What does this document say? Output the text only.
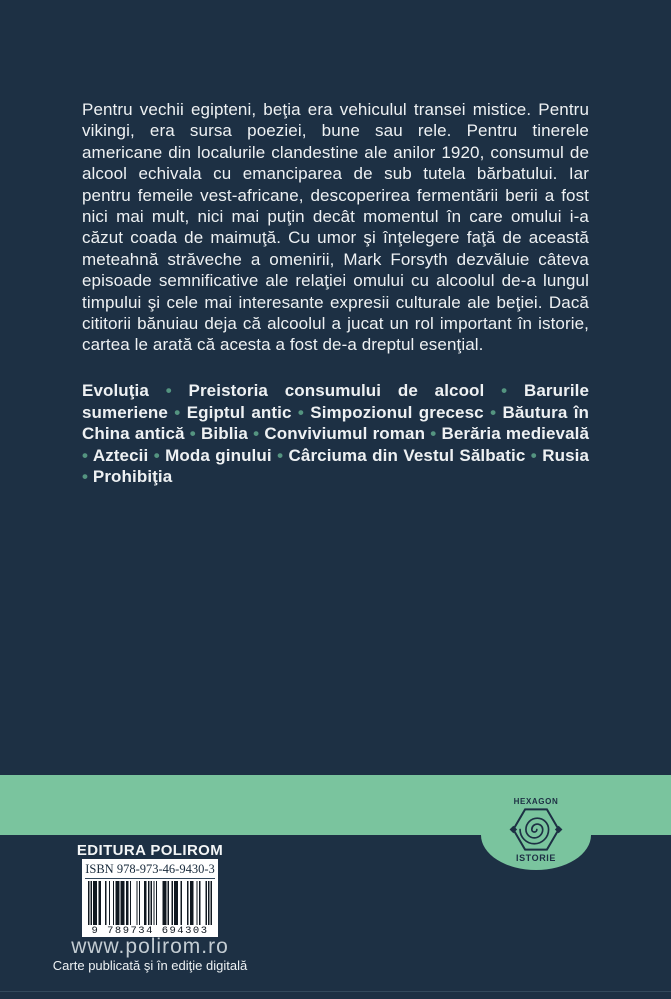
Pentru vechii egipteni, beţia era vehiculul transei mistice. Pentru vikingi, era sursa poeziei, bune sau rele. Pentru tinerele americane din localurile clandestine ale anilor 1920, consumul de alcool echivala cu emanciparea de sub tutela bărbatului. Iar pentru femeile vest-africane, descoperirea fermentării berii a fost nici mai mult, nici mai puţin decât momentul în care omului i-a căzut coada de maimuţă. Cu umor şi înţelegere faţă de această meteahnă străveche a omenirii, Mark Forsyth dezvăluie câteva episoade semnificative ale relaţiei omului cu alcoolul de-a lungul timpului şi cele mai interesante expresii culturale ale beţiei. Dacă cititorii bănuiau deja că alcoolul a jucat un rol important în istorie, cartea le arată că acesta a fost de-a dreptul esenţial.

Evoluţia • Preistoria consumului de alcool • Barurile sumeriene • Egiptul antic • Simpozionul grecesc • Băutura în China antică • Biblia • Conviviumul roman • Berăria medievală • Aztecii • Moda ginului • Cârciuma din Vestul Sălbatic • Rusia • Prohibiţia

HEXAGON
ISTORIE
EDITURA POLIROM
ISBN 978-973-46-9430-3
9 789734 694303
www.polirom.ro
Carte publicată şi în ediţie digitală
